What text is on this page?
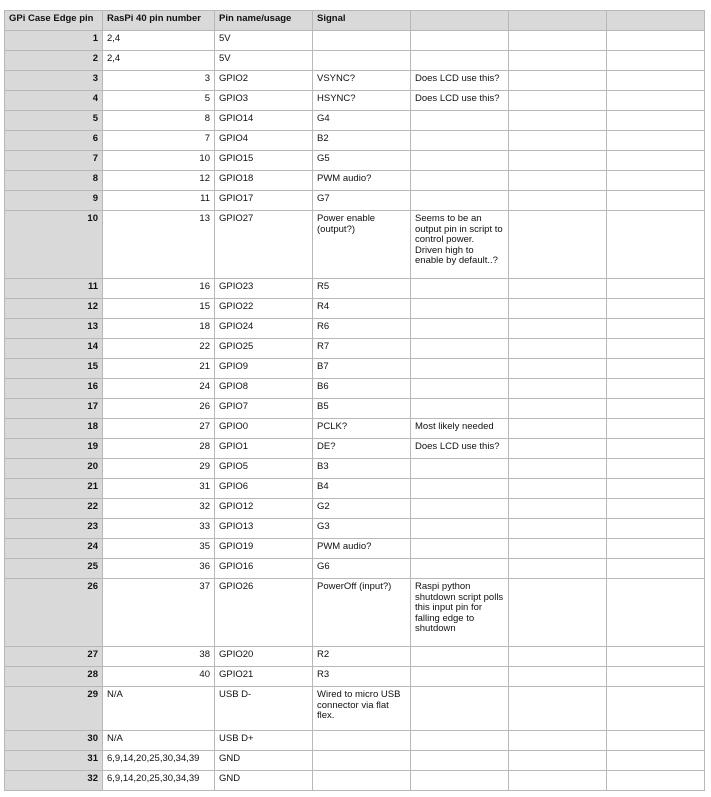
GPi Case Edge pin	RasPi 40 pin number	Pin name/usage	Signal			
1	2,4	5V				
2	2,4	5V				
3	3	GPIO2	VSYNC?	Does LCD use this?		
4	5	GPIO3	HSYNC?	Does LCD use this?		
5	8	GPIO14	G4			
6	7	GPIO4	B2			
7	10	GPIO15	G5			
8	12	GPIO18	PWM audio?			
9	11	GPIO17	G7			
10	13	GPIO27	Power enable (output?)	Seems to be an output pin in script to control power. Driven high to enable by default..?		
11	16	GPIO23	R5			
12	15	GPIO22	R4			
13	18	GPIO24	R6			
14	22	GPIO25	R7			
15	21	GPIO9	B7			
16	24	GPIO8	B6			
17	26	GPIO7	B5			
18	27	GPIO0	PCLK?	Most likely needed		
19	28	GPIO1	DE?	Does LCD use this?		
20	29	GPIO5	B3			
21	31	GPIO6	B4			
22	32	GPIO12	G2			
23	33	GPIO13	G3			
24	35	GPIO19	PWM audio?			
25	36	GPIO16	G6			
26	37	GPIO26	PowerOff (input?)	Raspi python shutdown script polls this input pin for falling edge to shutdown		
27	38	GPIO20	R2			
28	40	GPIO21	R3			
29	N/A	USB D-	Wired to micro USB connector via flat flex.			
30	N/A	USB D+				
31	6,9,14,20,25,30,34,39	GND				
32	6,9,14,20,25,30,34,39	GND				
